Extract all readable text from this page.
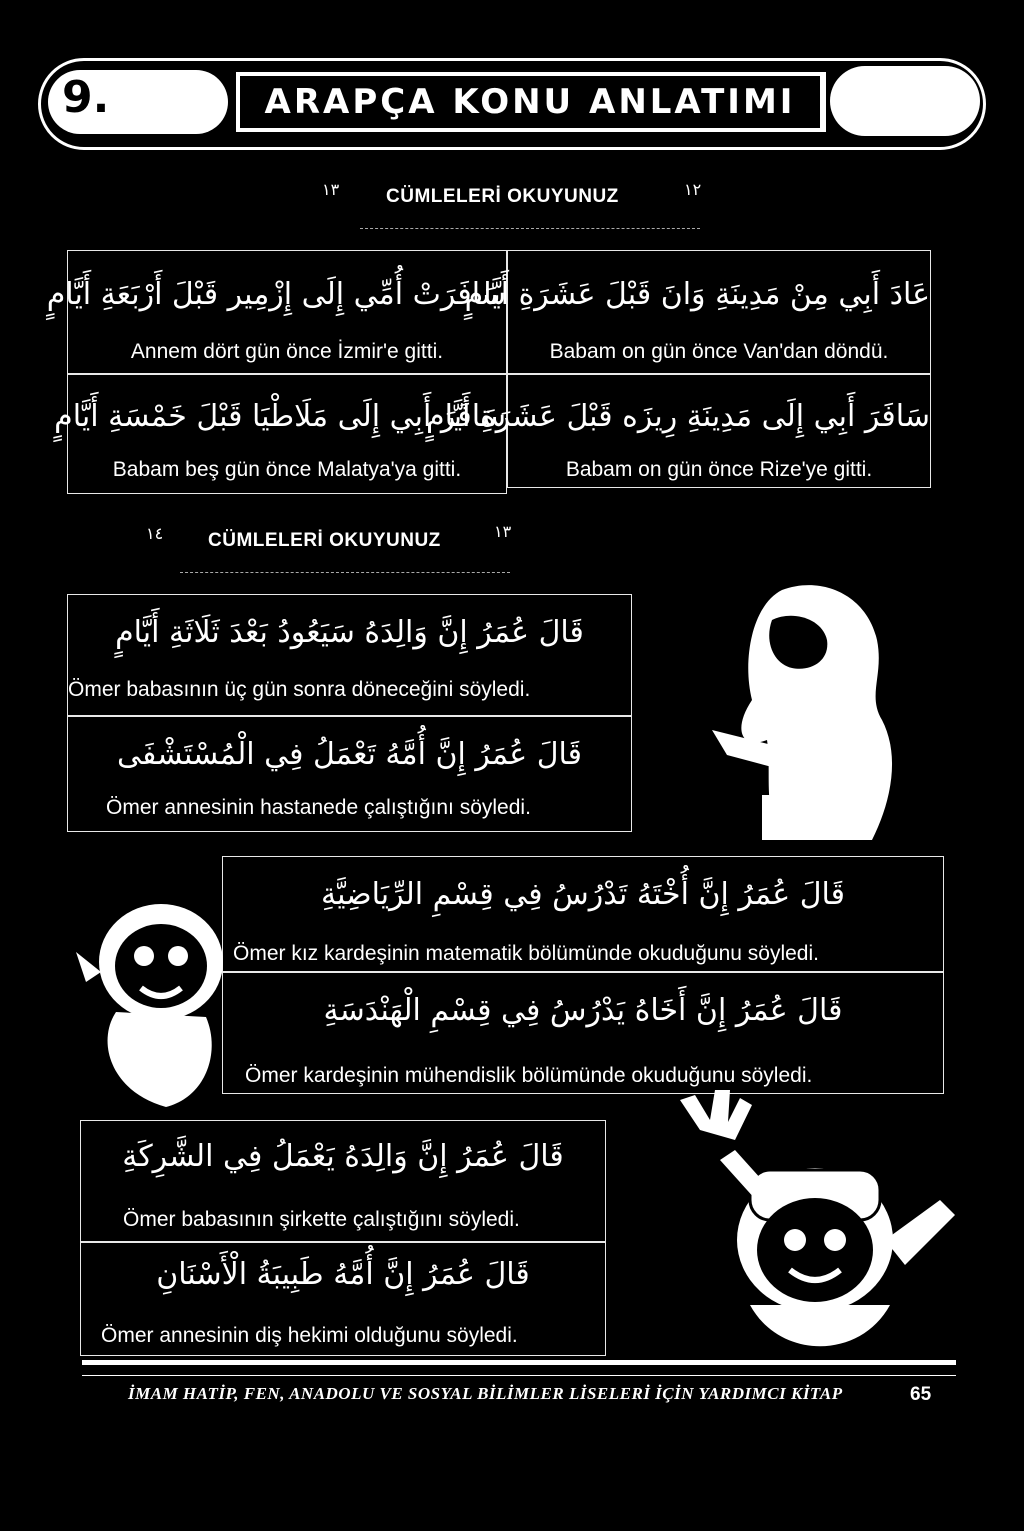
9.	ARAPÇA KONU ANLATIMI
١٣ CÜMLELERİ OKUYUNUZ	١٢
سَافَرَتْ أُمِّي إِلَى إِزْمِير قَبْلَ أَرْبَعَةِ أَيَّامٍ
Annem dört gün önce İzmir'e gitti.
عَادَ أَبِي مِنْ مَدِينَةِ وَانَ قَبْلَ عَشَرَةِ أَيَّامٍ
Babam on gün önce Van'dan döndü.
سَافَرَ أَبِي إِلَى مَلَاطْيَا قَبْلَ خَمْسَةِ أَيَّامٍ
Babam beş gün önce Malatya'ya gitti.
سَافَرَ أَبِي إِلَى مَدِينَةِ رِيزَه قَبْلَ عَشَرَةِ أَيَّامٍ
Babam on gün önce Rize'ye gitti.
١٤ CÜMLELERİ OKUYUNUZ	١٣
قَالَ عُمَرُ إِنَّ وَالِدَهُ سَيَعُودُ بَعْدَ ثَلَاثَةِ أَيَّامٍ
Ömer babasının üç gün sonra döneceğini söyledi.
قَالَ عُمَرُ إِنَّ أُمَّهُ تَعْمَلُ فِي الْمُسْتَشْفَى
Ömer annesinin hastanede çalıştığını söyledi.
قَالَ عُمَرُ إِنَّ أُخْتَهُ تَدْرُسُ فِي قِسْمِ الرِّيَاضِيَّةِ
Ömer kız kardeşinin matematik bölümünde okuduğunu söyledi.
قَالَ عُمَرُ إِنَّ أَخَاهُ يَدْرُسُ فِي قِسْمِ الْهَنْدَسَةِ
Ömer kardeşinin mühendislik bölümünde okuduğunu söyledi.
قَالَ عُمَرُ إِنَّ وَالِدَهُ يَعْمَلُ فِي الشَّرِكَةِ
Ömer babasının şirkette çalıştığını söyledi.
قَالَ عُمَرُ إِنَّ أُمَّهُ طَبِيبَةُ الْأَسْنَانِ
Ömer annesinin diş hekimi olduğunu söyledi.
İMAM HATİP, FEN, ANADOLU VE SOSYAL BİLİMLER LİSELERİ İÇİN YARDIMCI KİTAP	65
